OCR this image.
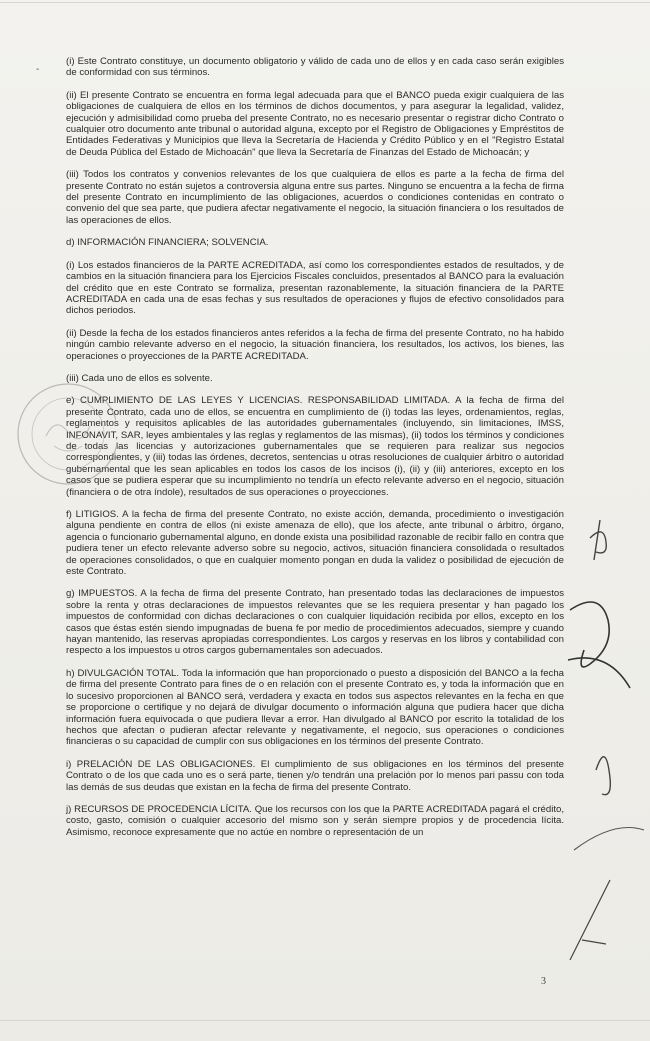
-

(i) Este Contrato constituye, un documento obligatorio y válido de cada uno de ellos y en cada caso serán exigibles de conformidad con sus términos.

(ii) El presente Contrato se encuentra en forma legal adecuada para que el BANCO pueda exigir cualquiera de las obligaciones de cualquiera de ellos en los términos de dichos documentos, y para asegurar la legalidad, validez, ejecución y admisibilidad como prueba del presente Contrato, no es necesario presentar o registrar dicho Contrato o cualquier otro documento ante tribunal o autoridad alguna, excepto por el Registro de Obligaciones y Empréstitos de Entidades Federativas y Municipios que lleva la Secretaría de Hacienda y Crédito Público y en el "Registro Estatal de Deuda Pública del Estado de Michoacán" que lleva la Secretaría de Finanzas del Estado de Michoacán; y

(iii) Todos los contratos y convenios relevantes de los que cualquiera de ellos es parte a la fecha de firma del presente Contrato no están sujetos a controversia alguna entre sus partes. Ninguno se encuentra a la fecha de firma del presente Contrato en incumplimiento de las obligaciones, acuerdos o condiciones contenidas en contrato o convenio del que sea parte, que pudiera afectar negativamente el negocio, la situación financiera o los resultados de las operaciones de ellos.

d) INFORMACIÓN FINANCIERA; SOLVENCIA.

(i) Los estados financieros de la PARTE ACREDITADA, así como los correspondientes estados de resultados, y de cambios en la situación financiera para los Ejercicios Fiscales concluidos, presentados al BANCO para la evaluación del crédito que en este Contrato se formaliza, presentan razonablemente, la situación financiera de la PARTE ACREDITADA en cada una de esas fechas y sus resultados de operaciones y flujos de efectivo consolidados para dichos periodos.

(ii) Desde la fecha de los estados financieros antes referidos a la fecha de firma del presente Contrato, no ha habido ningún cambio relevante adverso en el negocio, la situación financiera, los resultados, los activos, los bienes, las operaciones o proyecciones de la PARTE ACREDITADA.

(iii) Cada uno de ellos es solvente.

e) CUMPLIMIENTO DE LAS LEYES Y LICENCIAS. RESPONSABILIDAD LIMITADA. A la fecha de firma del presente Contrato, cada uno de ellos, se encuentra en cumplimiento de (i) todas las leyes, ordenamientos, reglas, reglamentos y requisitos aplicables de las autoridades gubernamentales (incluyendo, sin limitaciones, IMSS, INFONAVIT, SAR, leyes ambientales y las reglas y reglamentos de las mismas), (ii) todos los términos y condiciones de todas las licencias y autorizaciones gubernamentales que se requieren para realizar sus negocios correspondientes, y (iii) todas las órdenes, decretos, sentencias u otras resoluciones de cualquier árbitro o autoridad gubernamental que les sean aplicables en todos los casos de los incisos (i), (ii) y (iii) anteriores, excepto en los casos que se pudiera esperar que su incumplimiento no tendría un efecto relevante adverso en el negocio, situación (financiera o de otra índole), resultados de sus operaciones o proyecciones.

f) LITIGIOS. A la fecha de firma del presente Contrato, no existe acción, demanda, procedimiento o investigación alguna pendiente en contra de ellos (ni existe amenaza de ello), que los afecte, ante tribunal o árbitro, órgano, agencia o funcionario gubernamental alguno, en donde exista una posibilidad razonable de recibir fallo en contra que pudiera tener un efecto relevante adverso sobre su negocio, activos, situación financiera consolidada o resultados de operaciones consolidados, o que en cualquier momento pongan en duda la validez o posibilidad de ejecución de este Contrato.

g) IMPUESTOS. A la fecha de firma del presente Contrato, han presentado todas las declaraciones de impuestos sobre la renta y otras declaraciones de impuestos relevantes que se les requiera presentar y han pagado los impuestos de conformidad con dichas declaraciones o con cualquier liquidación recibida por ellos, excepto en los casos que éstas estén siendo impugnadas de buena fe por medio de procedimientos adecuados, siempre y cuando hayan mantenido, las reservas apropiadas correspondientes. Los cargos y reservas en los libros y contabilidad con respecto a los impuestos u otros cargos gubernamentales son adecuados.

h) DIVULGACIÓN TOTAL. Toda la información que han proporcionado o puesto a disposición del BANCO a la fecha de firma del presente Contrato para fines de o en relación con el presente Contrato es, y toda la información que en lo sucesivo proporcionen al BANCO será, verdadera y exacta en todos sus aspectos relevantes en la fecha en que se proporcione o certifique y no dejará de divulgar documento o información alguna que pudiera hacer que dicha información fuera equivocada o que pudiera llevar a error. Han divulgado al BANCO por escrito la totalidad de los hechos que afectan o pudieran afectar relevante y negativamente, el negocio, sus operaciones o condiciones financieras o su capacidad de cumplir con sus obligaciones en los términos del presente Contrato.

i) PRELACIÓN DE LAS OBLIGACIONES. El cumplimiento de sus obligaciones en los términos del presente Contrato o de los que cada uno es o será parte, tienen y/o tendrán una prelación por lo menos pari passu con toda las demás de sus deudas que existan en la fecha de firma del presente Contrato.

j) RECURSOS DE PROCEDENCIA LÍCITA. Que los recursos con los que la PARTE ACREDITADA pagará el crédito, costo, gasto, comisión o cualquier accesorio del mismo son y serán siempre propios y de procedencia lícita. Asimismo, reconoce expresamente que no actúe en nombre o representación de un

3
